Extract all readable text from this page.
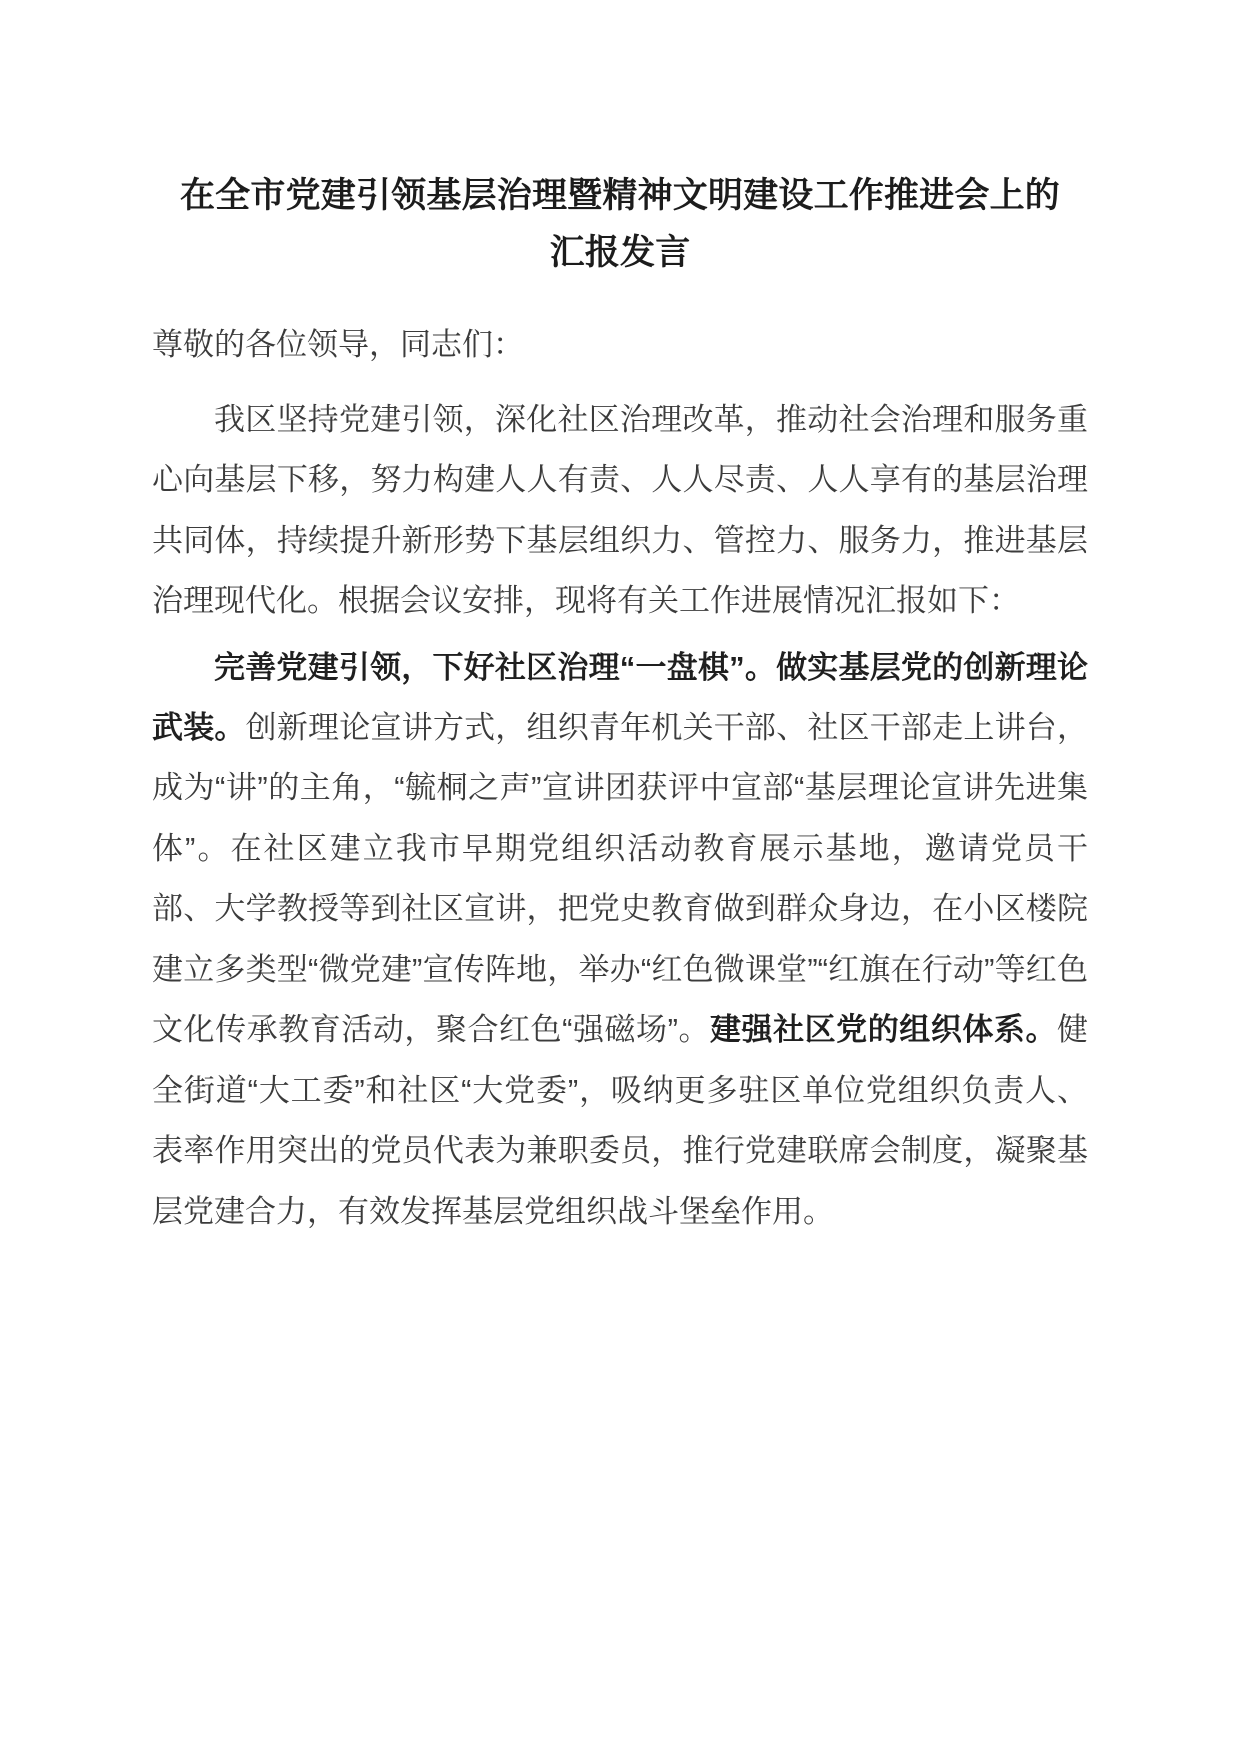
在全市党建引领基层治理暨精神文明建设工作推进会上的 汇报发言

尊敬的各位领导，同志们：

我区坚持党建引领，深化社区治理改革，推动社会治理和服务重心向基层下移，努力构建人人有责、人人尽责、人人享有的基层治理共同体，持续提升新形势下基层组织力、管控力、服务力，推进基层治理现代化。根据会议安排，现将有关工作进展情况汇报如下：

完善党建引领，下好社区治理“一盘棋”。做实基层党的创新理论武装。创新理论宣讲方式，组织青年机关干部、社区干部走上讲台，成为“讲”的主角，“毓桐之声”宣讲团获评中宣部“基层理论宣讲先进集体”。在社区建立我市早期党组织活动教育展示基地，邀请党员干部、大学教授等到社区宣讲，把党史教育做到群众身边，在小区楼院建立多类型“微党建”宣传阵地，举办“红色微课堂”“红旗在行动”等红色文化传承教育活动，聚合红色“强磁场”。建强社区党的组织体系。健全街道“大工委”和社区“大党委”，吸纳更多驻区单位党组织负责人、表率作用突出的党员代表为兼职委员，推行党建联席会制度，凝聚基层党建合力，有效发挥基层党组织战斗堡垒作用。
